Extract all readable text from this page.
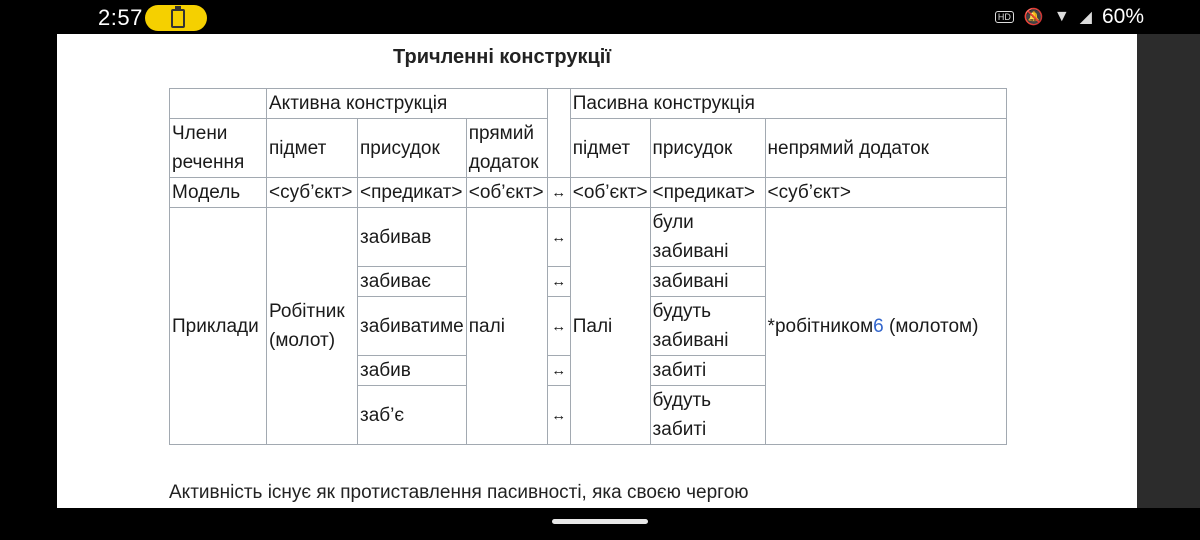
2:57	HD 🔕 ▼ ◢ 60%
Тричленні конструкції
	Активна конструкція				Пасивна конструкція		
Члени речення	підмет	присудок	прямий додаток		підмет	присудок	непрямий додаток
Модель	<суб’єкт>	<предикат>	<об’єкт>	↔	<об’єкт>	<предикат>	<суб’єкт>
Приклади	Робітник (молот)	забивав	палі	↔	Палі	були забивані	*робітником6 (молотом)
		забиває		↔		забивані	
		забиватиме		↔		будуть забивані	
		забив		↔		забиті	
		заб’є		↔		будуть забиті	
Активність існує як протиставлення пасивності, яка своєю чергою
